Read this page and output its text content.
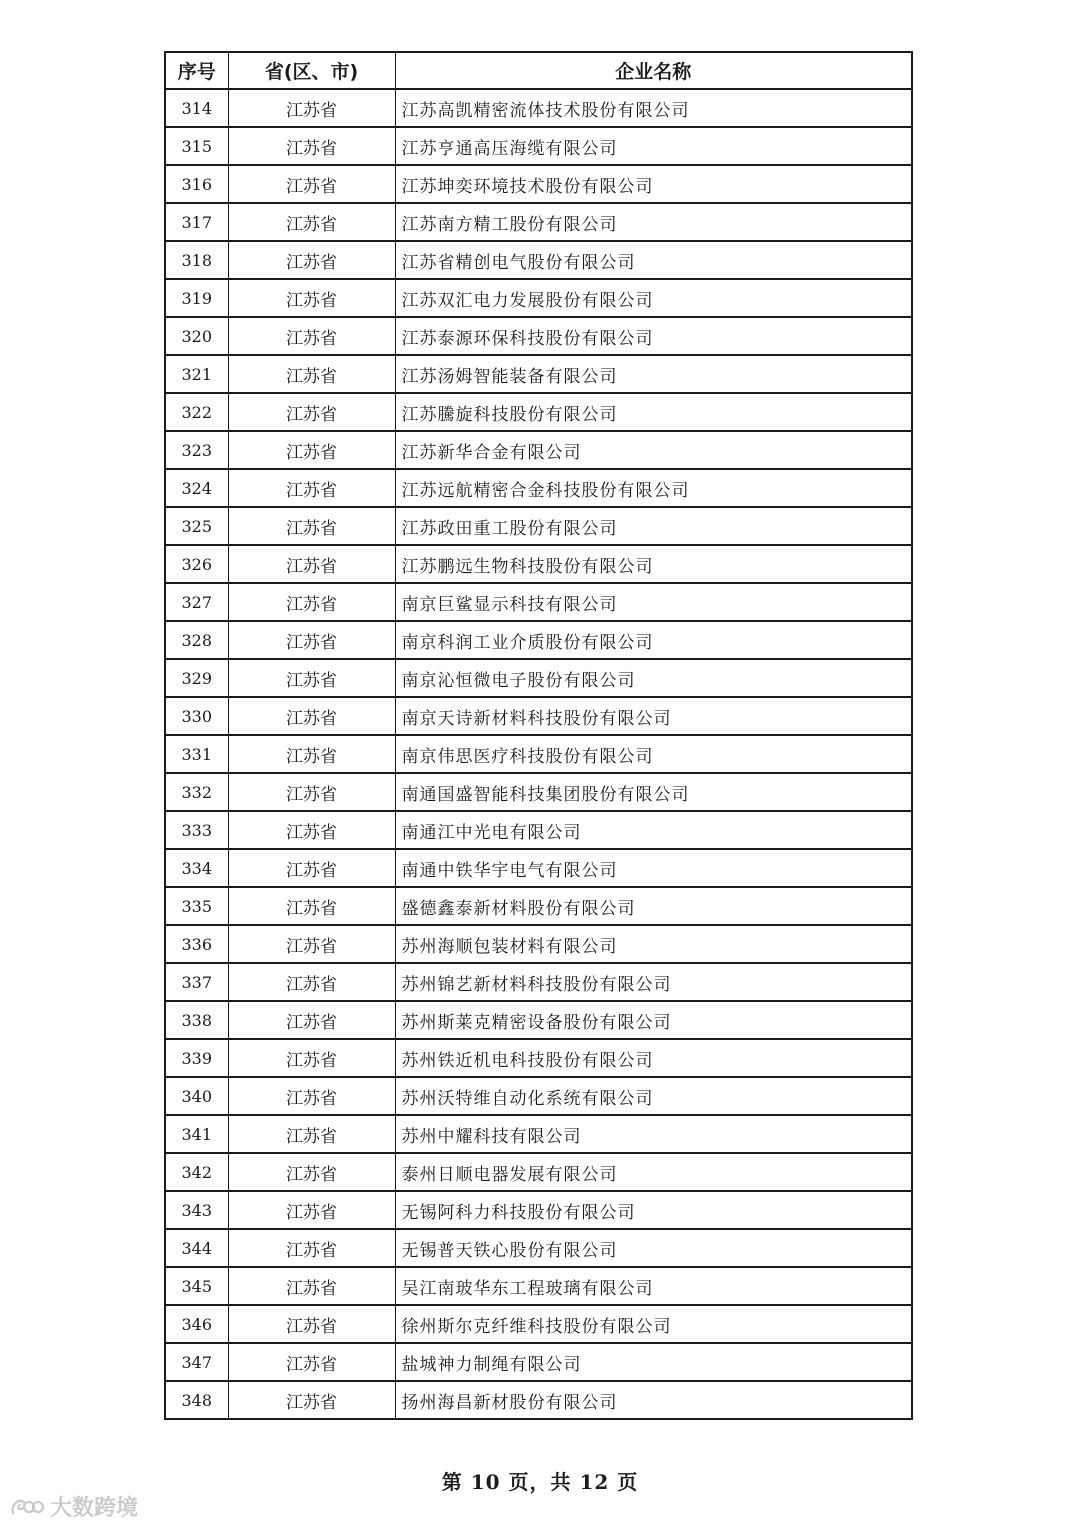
序号	省(区、市)	企业名称
314	江苏省	江苏高凯精密流体技术股份有限公司
315	江苏省	江苏亨通高压海缆有限公司
316	江苏省	江苏坤奕环境技术股份有限公司
317	江苏省	江苏南方精工股份有限公司
318	江苏省	江苏省精创电气股份有限公司
319	江苏省	江苏双汇电力发展股份有限公司
320	江苏省	江苏泰源环保科技股份有限公司
321	江苏省	江苏汤姆智能装备有限公司
322	江苏省	江苏騰旋科技股份有限公司
323	江苏省	江苏新华合金有限公司
324	江苏省	江苏远航精密合金科技股份有限公司
325	江苏省	江苏政田重工股份有限公司
326	江苏省	江苏鹏远生物科技股份有限公司
327	江苏省	南京巨鲨显示科技有限公司
328	江苏省	南京科润工业介质股份有限公司
329	江苏省	南京沁恒微电子股份有限公司
330	江苏省	南京天诗新材料科技股份有限公司
331	江苏省	南京伟思医疗科技股份有限公司
332	江苏省	南通国盛智能科技集团股份有限公司
333	江苏省	南通江中光电有限公司
334	江苏省	南通中铁华宇电气有限公司
335	江苏省	盛德鑫泰新材料股份有限公司
336	江苏省	苏州海顺包装材料有限公司
337	江苏省	苏州锦艺新材料科技股份有限公司
338	江苏省	苏州斯莱克精密设备股份有限公司
339	江苏省	苏州铁近机电科技股份有限公司
340	江苏省	苏州沃特维自动化系统有限公司
341	江苏省	苏州中耀科技有限公司
342	江苏省	泰州日顺电器发展有限公司
343	江苏省	无锡阿科力科技股份有限公司
344	江苏省	无锡普天铁心股份有限公司
345	江苏省	吴江南玻华东工程玻璃有限公司
346	江苏省	徐州斯尔克纤维科技股份有限公司
347	江苏省	盐城神力制绳有限公司
348	江苏省	扬州海昌新材股份有限公司
第 10 页，共 12 页
大数跨境
